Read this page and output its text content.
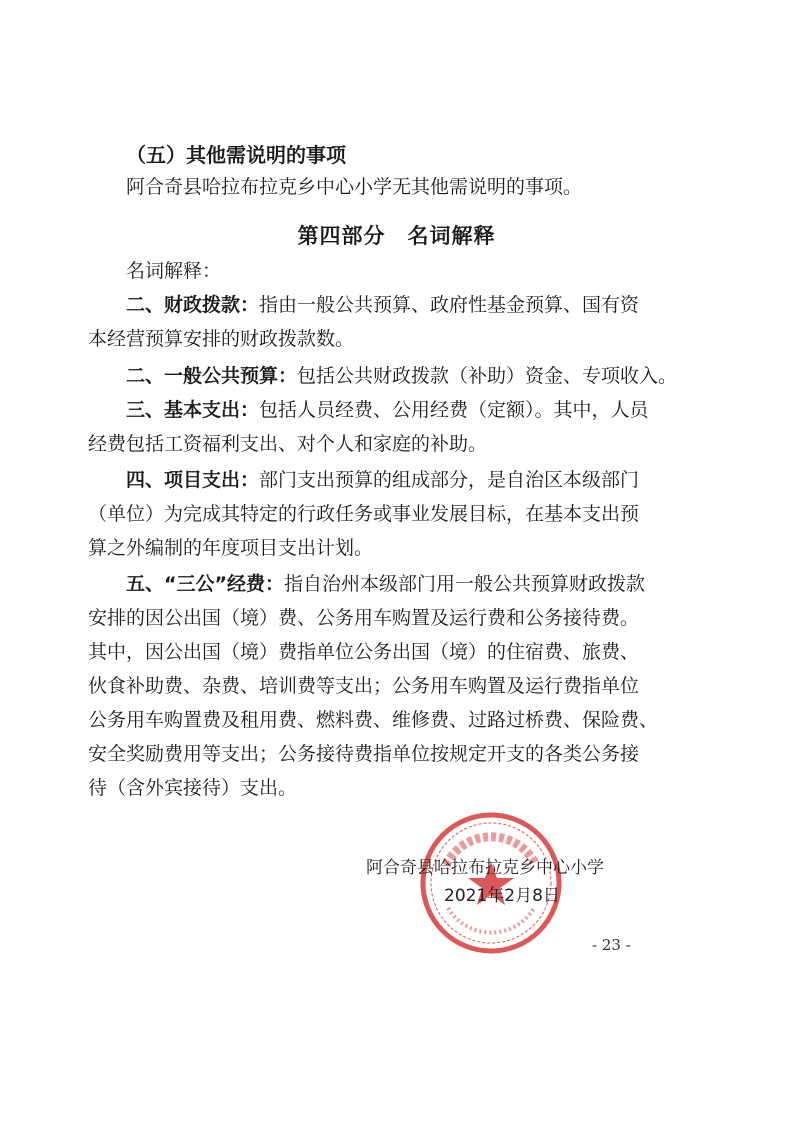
（五）其他需说明的事项
阿合奇县哈拉布拉克乡中心小学无其他需说明的事项。
第四部分　名词解释
名词解释：
二、财政拨款：指由一般公共预算、政府性基金预算、国有资
本经营预算安排的财政拨款数。
二、一般公共预算：包括公共财政拨款（补助）资金、专项收入。
三、基本支出：包括人员经费、公用经费（定额）。其中，人员
经费包括工资福利支出、对个人和家庭的补助。
四、项目支出：部门支出预算的组成部分，是自治区本级部门
（单位）为完成其特定的行政任务或事业发展目标，在基本支出预
算之外编制的年度项目支出计划。
五、“三公”经费：指自治州本级部门用一般公共预算财政拨款
安排的因公出国（境）费、公务用车购置及运行费和公务接待费。
其中，因公出国（境）费指单位公务出国（境）的住宿费、旅费、
伙食补助费、杂费、培训费等支出；公务用车购置及运行费指单位
公务用车购置费及租用费、燃料费、维修费、过路过桥费、保险费、
安全奖励费用等支出；公务接待费指单位按规定开支的各类公务接
待（含外宾接待）支出。
阿合奇县哈拉布拉克乡中心小学
2021年2月8日
- 23 -
